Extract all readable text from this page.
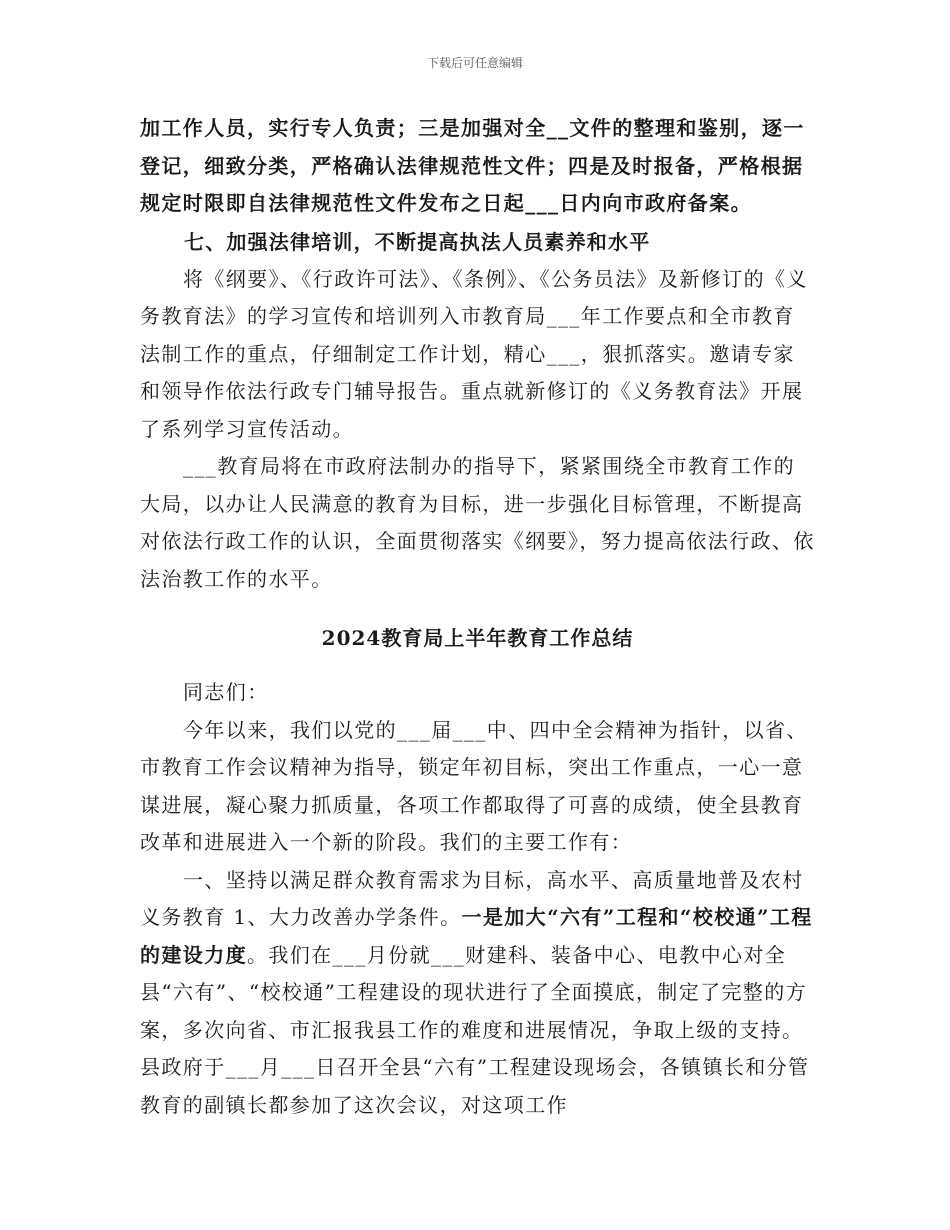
下载后可任意编辑

加工作人员，实行专人负责；三是加强对全__文件的整理和鉴别，逐一登记，细致分类，严格确认法律规范性文件；四是及时报备，严格根据规定时限即自法律规范性文件发布之日起___日内向市政府备案。

七、加强法律培训，不断提高执法人员素养和水平

将《纲要》、《行政许可法》、《条例》、《公务员法》及新修订的《义务教育法》的学习宣传和培训列入市教育局___年工作要点和全市教育法制工作的重点，仔细制定工作计划，精心___，狠抓落实。邀请专家和领导作依法行政专门辅导报告。重点就新修订的《义务教育法》开展了系列学习宣传活动。

___教育局将在市政府法制办的指导下，紧紧围绕全市教育工作的大局，以办让人民满意的教育为目标，进一步强化目标管理，不断提高对依法行政工作的认识，全面贯彻落实《纲要》，努力提高依法行政、依法治教工作的水平。

2024教育局上半年教育工作总结

同志们：

今年以来，我们以党的___届___中、四中全会精神为指针，以省、市教育工作会议精神为指导，锁定年初目标，突出工作重点，一心一意谋进展，凝心聚力抓质量，各项工作都取得了可喜的成绩，使全县教育改革和进展进入一个新的阶段。我们的主要工作有：

一、坚持以满足群众教育需求为目标，高水平、高质量地普及农村义务教育 1、大力改善办学条件。一是加大“六有”工程和“校校通”工程的建设力度。我们在___月份就___财建科、装备中心、电教中心对全县“六有”、“校校通”工程建设的现状进行了全面摸底，制定了完整的方案，多次向省、市汇报我县工作的难度和进展情况，争取上级的支持。县政府于___月___日召开全县“六有”工程建设现场会，各镇镇长和分管教育的副镇长都参加了这次会议，对这项工作
